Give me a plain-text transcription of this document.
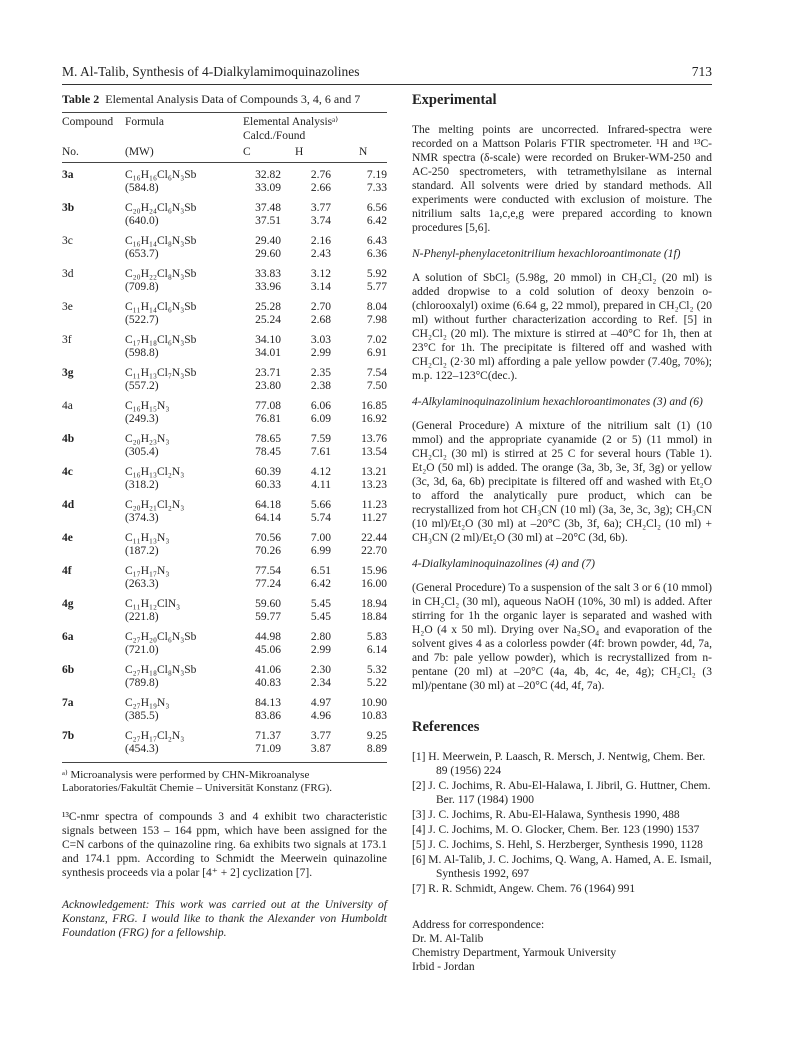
M. Al-Talib, Synthesis of 4-Dialkylamimoquinazolines	713
Table 2 Elemental Analysis Data of Compounds 3, 4, 6 and 7
Compound	Formula	Elemental Analysisᵃ⁾		
		Calcd./Found		
No.	(MW)	C	H	N

3a	C₁₆H₁₆Cl₆N₃Sb	32.82	2.76	7.19
	(584.8)	33.09	2.66	7.33
3b	C₂₀H₂₄Cl₆N₃Sb	37.48	3.77	6.56
	(640.0)	37.51	3.74	6.42
3c	C₁₆H₁₄Cl₈N₃Sb	29.40	2.16	6.43
	(653.7)	29.60	2.43	6.36
3d	C₂₀H₂₂Cl₈N₃Sb	33.83	3.12	5.92
	(709.8)	33.96	3.14	5.77
3e	C₁₁H₁₄Cl₆N₃Sb	25.28	2.70	8.04
	(522.7)	25.24	2.68	7.98
3f	C₁₇H₁₈Cl₆N₃Sb	34.10	3.03	7.02
	(598.8)	34.01	2.99	6.91
3g	C₁₁H₁₃Cl₇N₃Sb	23.71	2.35	7.54
	(557.2)	23.80	2.38	7.50
4a	C₁₆H₁₅N₃	77.08	6.06	16.85
	(249.3)	76.81	6.09	16.92
4b	C₂₀H₂₃N₃	78.65	7.59	13.76
	(305.4)	78.45	7.61	13.54
4c	C₁₆H₁₃Cl₂N₃	60.39	4.12	13.21
	(318.2)	60.33	4.11	13.23
4d	C₂₀H₂₁Cl₂N₃	64.18	5.66	11.23
	(374.3)	64.14	5.74	11.27
4e	C₁₁H₁₃N₃	70.56	7.00	22.44
	(187.2)	70.26	6.99	22.70
4f	C₁₇H₁₇N₃	77.54	6.51	15.96
	(263.3)	77.24	6.42	16.00
4g	C₁₁H₁₂ClN₃	59.60	5.45	18.94
	(221.8)	59.77	5.45	18.84
6a	C₂₇H₂₀Cl₆N₃Sb	44.98	2.80	5.83
	(721.0)	45.06	2.99	6.14
6b	C₂₇H₁₈Cl₈N₃Sb	41.06	2.30	5.32
	(789.8)	40.83	2.34	5.22
7a	C₂₇H₁₉N₃	84.13	4.97	10.90
	(385.5)	83.86	4.96	10.83
7b	C₂₇H₁₇Cl₂N₃	71.37	3.77	9.25
	(454.3)	71.09	3.87	8.89
ᵃ⁾ Microanalysis were performed by CHN-Mikroanalyse Laboratories/Fakultät Chemie – Universität Konstanz (FRG).
¹³C-nmr spectra of compounds 3 and 4 exhibit two characteristic signals between 153 – 164 ppm, which have been assigned for the C=N carbons of the quinazoline ring. 6a exhibits two signals at 173.1 and 174.1 ppm. According to Schmidt the Meerwein quinazoline synthesis proceeds via a polar [4⁺ + 2] cyclization [7].
Acknowledgement: This work was carried out at the University of Konstanz, FRG. I would like to thank the Alexander von Humboldt Foundation (FRG) for a fellowship.
Experimental

The melting points are uncorrected. Infrared-spectra were recorded on a Mattson Polaris FTIR spectrometer. ¹H and ¹³C-NMR spectra (δ-scale) were recorded on Bruker-WM-250 and AC-250 spectrometers, with tetramethylsilane as internal standard. All solvents were dried by standard methods. All experiments were conducted with exclusion of moisture. The nitrilium salts 1a,c,e,g were prepared according to known procedures [5,6].

N-Phenyl-phenylacetonitrilium hexachloroantimonate (1f)

A solution of SbCl₅ (5.98g, 20 mmol) in CH₂Cl₂ (20 ml) is added dropwise to a cold solution of deoxy benzoin o-(chlorooxalyl) oxime (6.64 g, 22 mmol), prepared in CH₂Cl₂ (20 ml) without further characterization according to Ref. [5] in CH₂Cl₂ (20 ml). The mixture is stirred at –40°C for 1h, then at 23°C for 1h. The precipitate is filtered off and washed with CH₂Cl₂ (2·30 ml) affording a pale yellow powder (7.40g, 70%); m.p. 122–123°C(dec.).

4-Alkylaminoquinazolinium hexachloroantimonates (3) and (6)

(General Procedure) A mixture of the nitrilium salt (1) (10 mmol) and the appropriate cyanamide (2 or 5) (11 mmol) in CH₂Cl₂ (30 ml) is stirred at 25 C for several hours (Table 1). Et₂O (50 ml) is added. The orange (3a, 3b, 3e, 3f, 3g) or yellow (3c, 3d, 6a, 6b) precipitate is filtered off and washed with Et₂O to afford the analytically pure product, which can be recrystallized from hot CH₃CN (10 ml) (3a, 3e, 3c, 3g); CH₃CN (10 ml)/Et₂O (30 ml) at –20°C (3b, 3f, 6a); CH₂Cl₂ (10 ml) + CH₃CN (2 ml)/Et₂O (30 ml) at –20°C (3d, 6b).

4-Dialkylaminoquinazolines (4) and (7)

(General Procedure) To a suspension of the salt 3 or 6 (10 mmol) in CH₂Cl₂ (30 ml), aqueous NaOH (10%, 30 ml) is added. After stirring for 1h the organic layer is separated and washed with H₂O (4 x 50 ml). Drying over Na₂SO₄ and evaporation of the solvent gives 4 as a colorless powder (4f: brown powder, 4d, 7a, and 7b: pale yellow powder), which is recrystallized from n-pentane (20 ml) at –20°C (4a, 4b, 4c, 4e, 4g); CH₂Cl₂ (3 ml)/pentane (30 ml) at –20°C (4d, 4f, 7a).

References
[1] H. Meerwein, P. Laasch, R. Mersch, J. Nentwig, Chem. Ber. 89 (1956) 224
[2] J. C. Jochims, R. Abu-El-Halawa, I. Jibril, G. Huttner, Chem. Ber. 117 (1984) 1900
[3] J. C. Jochims, R. Abu-El-Halawa, Synthesis 1990, 488
[4] J. C. Jochims, M. O. Glocker, Chem. Ber. 123 (1990) 1537
[5] J. C. Jochims, S. Hehl, S. Herzberger, Synthesis 1990, 1128
[6] M. Al-Talib, J. C. Jochims, Q. Wang, A. Hamed, A. E. Ismail, Synthesis 1992, 697
[7] R. R. Schmidt, Angew. Chem. 76 (1964) 991
Address for correspondence:
Dr. M. Al-Talib
Chemistry Department, Yarmouk University
Irbid - Jordan
